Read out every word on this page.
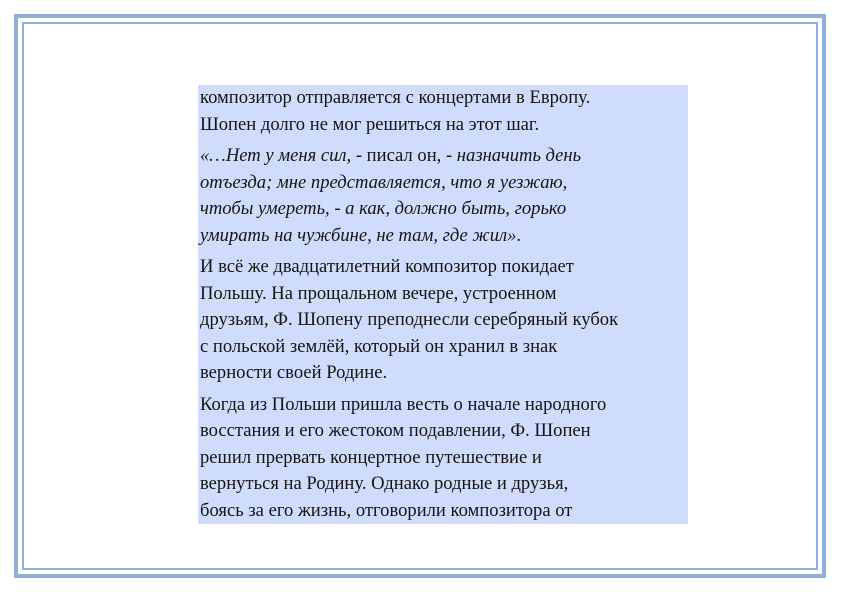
композитор отправляется с концертами в Европу.
Шопен долго не мог решиться на этот шаг.

«…Нет у меня сил, - писал он, - назначить день
отъезда; мне представляется, что я уезжаю,
чтобы умереть, - а как, должно быть, горько
умирать на чужбине, не там, где жил».

И всё же двадцатилетний композитор покидает
Польшу. На прощальном вечере, устроенном
друзьям, Ф. Шопену преподнесли серебряный кубок
с польской землёй, который он хранил в знак
верности своей Родине.

Когда из Польши пришла весть о начале народного
восстания и его жестоком подавлении, Ф. Шопен
решил прервать концертное путешествие и
вернуться на Родину. Однако родные и друзья,
боясь за его жизнь, отговорили композитора от
